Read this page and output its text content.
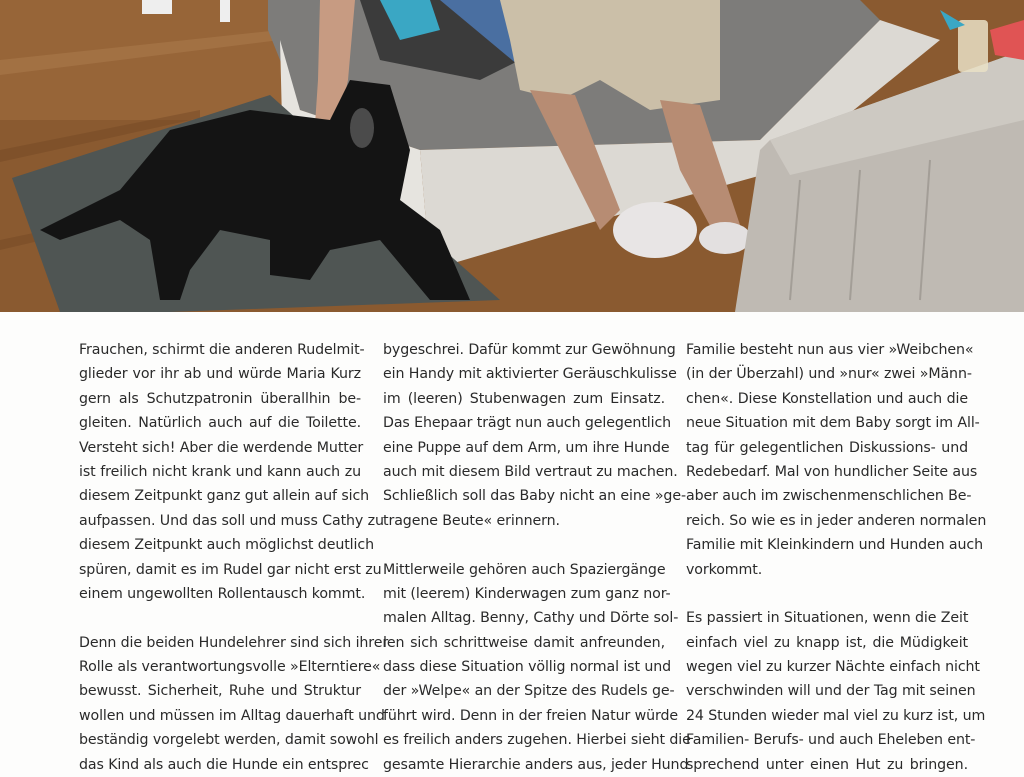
Frauchen, schirmt die anderen Rudelmit-
glieder vor ihr ab und würde Maria Kurz
gern als Schutzpatronin überallhin be-
gleiten. Natürlich auch auf die Toilette.
Versteht sich! Aber die werdende Mutter
ist freilich nicht krank und kann auch zu
diesem Zeitpunkt ganz gut allein auf sich
aufpassen. Und das soll und muss Cathy zu
diesem Zeitpunkt auch möglichst deutlich
spüren, damit es im Rudel gar nicht erst zu
einem ungewollten Rollentausch kommt.
Denn die beiden Hundelehrer sind sich ihrer
Rolle als verantwortungsvolle »Elterntiere«
bewusst. Sicherheit, Ruhe und Struktur
wollen und müssen im Alltag dauerhaft und
beständig vorgelebt werden, damit sowohl
das Kind als auch die Hunde ein entsprec
bygeschrei. Dafür kommt zur Gewöhnung
ein Handy mit aktivierter Geräuschkulisse
im (leeren) Stubenwagen zum Einsatz.
Das Ehepaar trägt nun auch gelegentlich
eine Puppe auf dem Arm, um ihre Hunde
auch mit diesem Bild vertraut zu machen.
Schließlich soll das Baby nicht an eine »ge-
tragene Beute« erinnern.
Mittlerweile gehören auch Spaziergänge
mit (leerem) Kinderwagen zum ganz nor-
malen Alltag. Benny, Cathy und Dörte sol-
len sich schrittweise damit anfreunden,
dass diese Situation völlig normal ist und
der »Welpe« an der Spitze des Rudels ge-
führt wird. Denn in der freien Natur würde
es freilich anders zugehen. Hierbei sieht die
gesamte Hierarchie anders aus, jeder Hund
Familie besteht nun aus vier »Weibchen«
(in der Überzahl) und »nur« zwei »Männ-
chen«. Diese Konstellation und auch die
neue Situation mit dem Baby sorgt im All-
tag für gelegentlichen Diskussions- und
Redebedarf. Mal von hundlicher Seite aus
aber auch im zwischenmenschlichen Be-
reich. So wie es in jeder anderen normalen
Familie mit Kleinkindern und Hunden auch
vorkommt.
Es passiert in Situationen, wenn die Zeit
einfach viel zu knapp ist, die Müdigkeit
wegen viel zu kurzer Nächte einfach nicht
verschwinden will und der Tag mit seinen
24 Stunden wieder mal viel zu kurz ist, um
Familien- Berufs- und auch Eheleben ent-
sprechend unter einen Hut zu bringen.
